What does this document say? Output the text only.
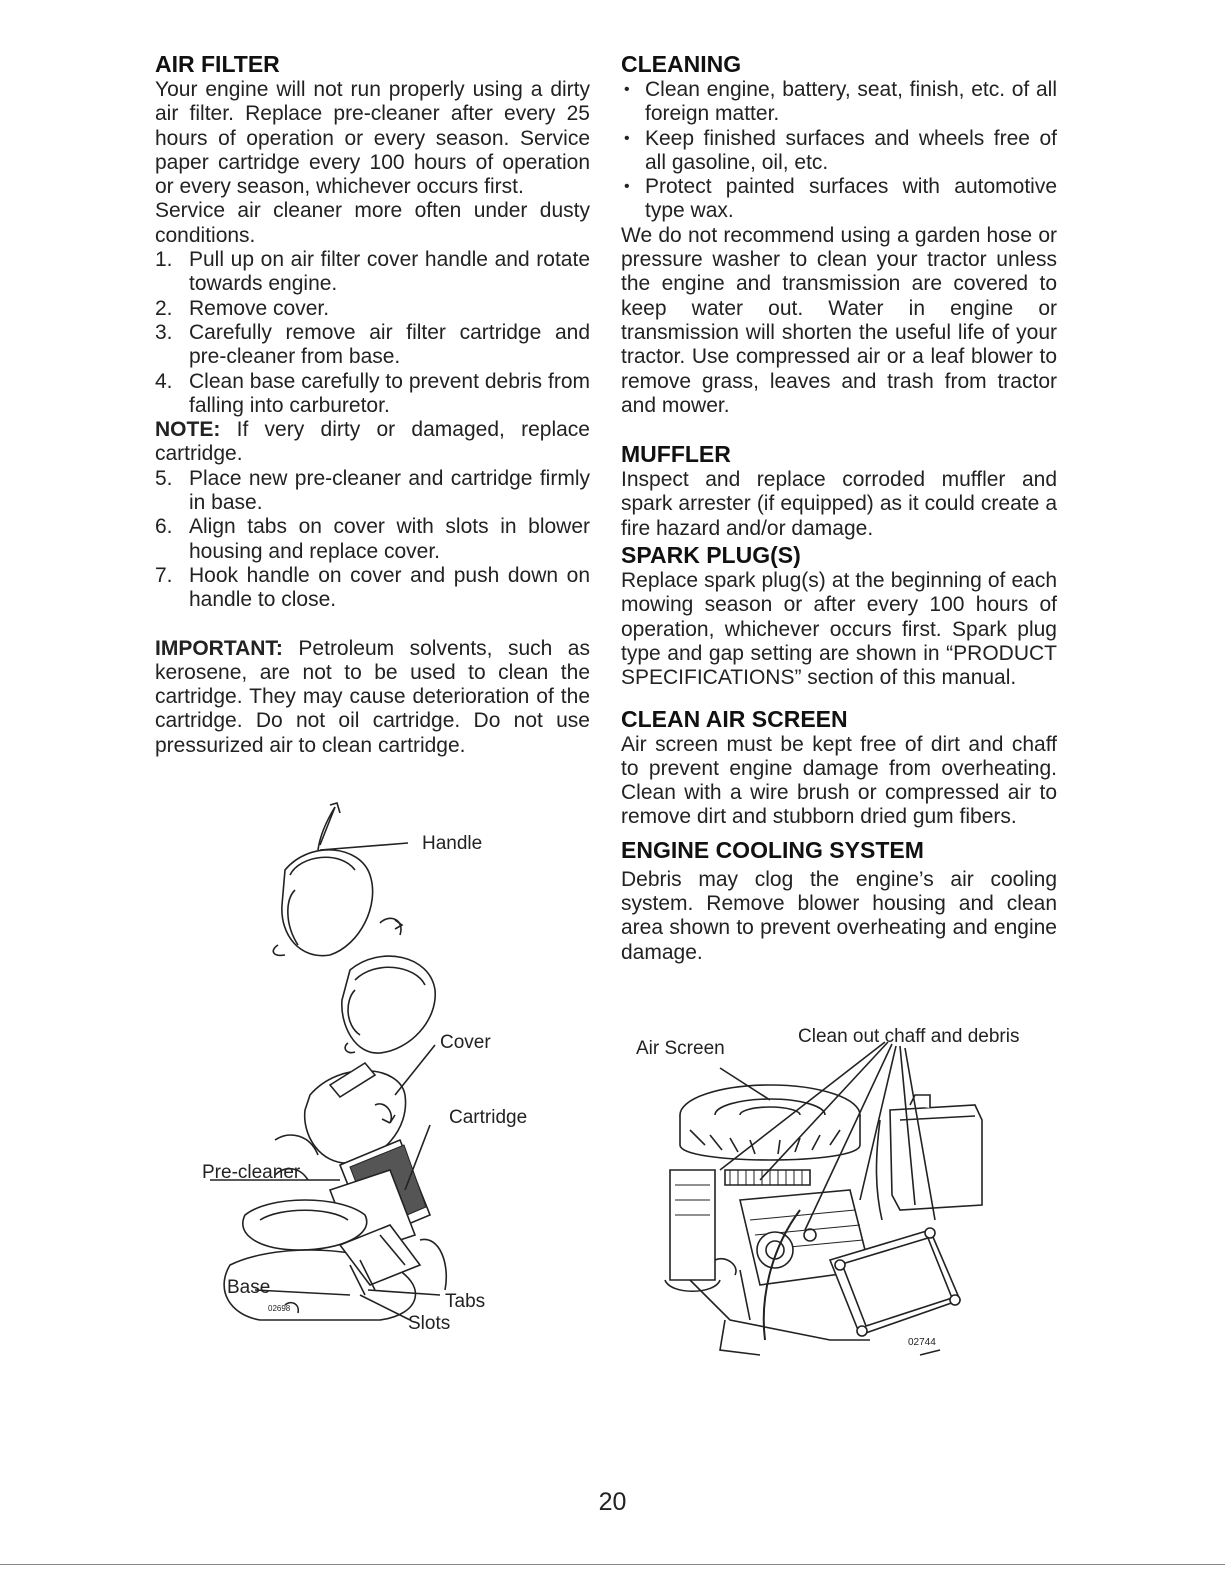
AIR FILTER

Your engine will not run properly using a dirty air filter. Replace pre-cleaner after every 25 hours of operation or every season. Service paper cartridge every 100 hours of operation or every season, whichever occurs first.

Service air cleaner more often under dusty conditions.

1. Pull up on air filter cover handle and rotate towards engine.
2. Remove cover.
3. Carefully remove air filter cartridge and pre-cleaner from base.
4. Clean base carefully to prevent debris from falling into carburetor.

NOTE: If very dirty or damaged, replace cartridge.

5. Place new pre-cleaner and cartridge firmly in base.
6. Align tabs on cover with slots in blower housing and replace cover.
7. Hook handle on cover and push down on handle to close.

IMPORTANT: Petroleum solvents, such as kerosene, are not to be used to clean the cartridge. They may cause deterioration of the cartridge. Do not oil cartridge. Do not use pressurized air to clean cartridge.

Handle
Cover
Cartridge
Pre-cleaner
Base
Tabs
Slots
02698
CLEANING
• Clean engine, battery, seat, finish, etc. of all foreign matter.
• Keep finished surfaces and wheels free of all gasoline, oil, etc.
• Protect painted surfaces with automotive type wax.

We do not recommend using a garden hose or pressure washer to clean your tractor unless the engine and transmission are covered to keep water out. Water in engine or transmission will shorten the useful life of your tractor. Use compressed air or a leaf blower to remove grass, leaves and trash from tractor and mower.

MUFFLER

Inspect and replace corroded muffler and spark arrester (if equipped) as it could create a fire hazard and/or damage.

SPARK PLUG(S)

Replace spark plug(s) at the beginning of each mowing season or after every 100 hours of operation, whichever occurs first. Spark plug type and gap setting are shown in “PRODUCT SPECIFICATIONS” section of this manual.

CLEAN AIR SCREEN

Air screen must be kept free of dirt and chaff to prevent engine damage from overheating. Clean with a wire brush or compressed air to remove dirt and stubborn dried gum fibers.

ENGINE COOLING SYSTEM

Debris may clog the engine’s air cooling system. Remove blower housing and clean area shown to prevent overheating and engine damage.

Air Screen
Clean out chaff and debris
02744
20
